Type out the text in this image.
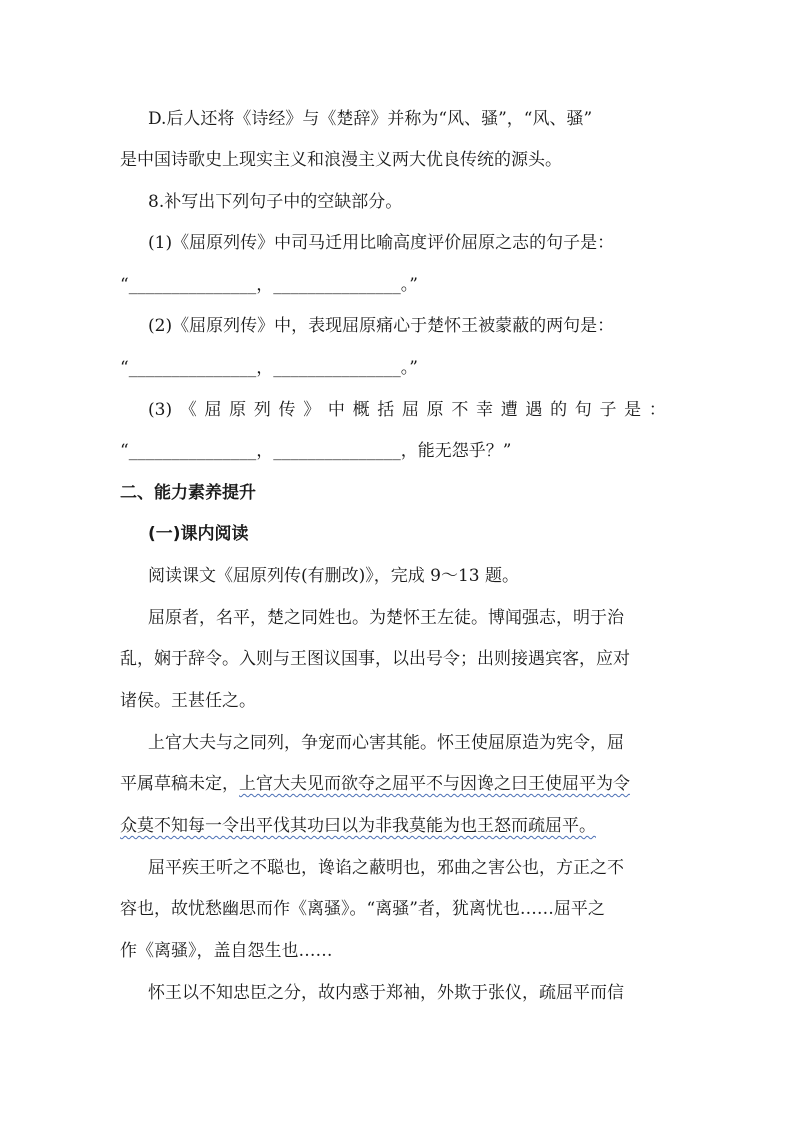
D.后人还将《诗经》与《楚辞》并称为“风、骚”，“风、骚”

是中国诗歌史上现实主义和浪漫主义两大优良传统的源头。

8.补写出下列句子中的空缺部分。

(1)《屈原列传》中司马迁用比喻高度评价屈原之志的句子是：

“_______________，_______________。”

(2)《屈原列传》中，表现屈原痛心于楚怀王被蒙蔽的两句是：

“_______________，_______________。”

(3) 《 屈 原 列 传 》 中 概 括 屈 原 不 幸 遭 遇 的 句 子 是 ：

“_______________，_______________，能无怨乎？”

二、能力素养提升

(一)课内阅读

阅读课文《屈原列传(有删改)》，完成 9～13 题。

屈原者，名平，楚之同姓也。为楚怀王左徒。博闻强志，明于治

乱，娴于辞令。入则与王图议国事，以出号令；出则接遇宾客，应对

诸侯。王甚任之。

上官大夫与之同列，争宠而心害其能。怀王使屈原造为宪令，屈

平属草稿未定，上官大夫见而欲夺之屈平不与因谗之曰王使屈平为令

众莫不知每一令出平伐其功曰以为非我莫能为也王怒而疏屈平。

屈平疾王听之不聪也，谗谄之蔽明也，邪曲之害公也，方正之不

容也，故忧愁幽思而作《离骚》。“离骚”者，犹离忧也……屈平之

作《离骚》，盖自怨生也……

怀王以不知忠臣之分，故内惑于郑袖，外欺于张仪，疏屈平而信
